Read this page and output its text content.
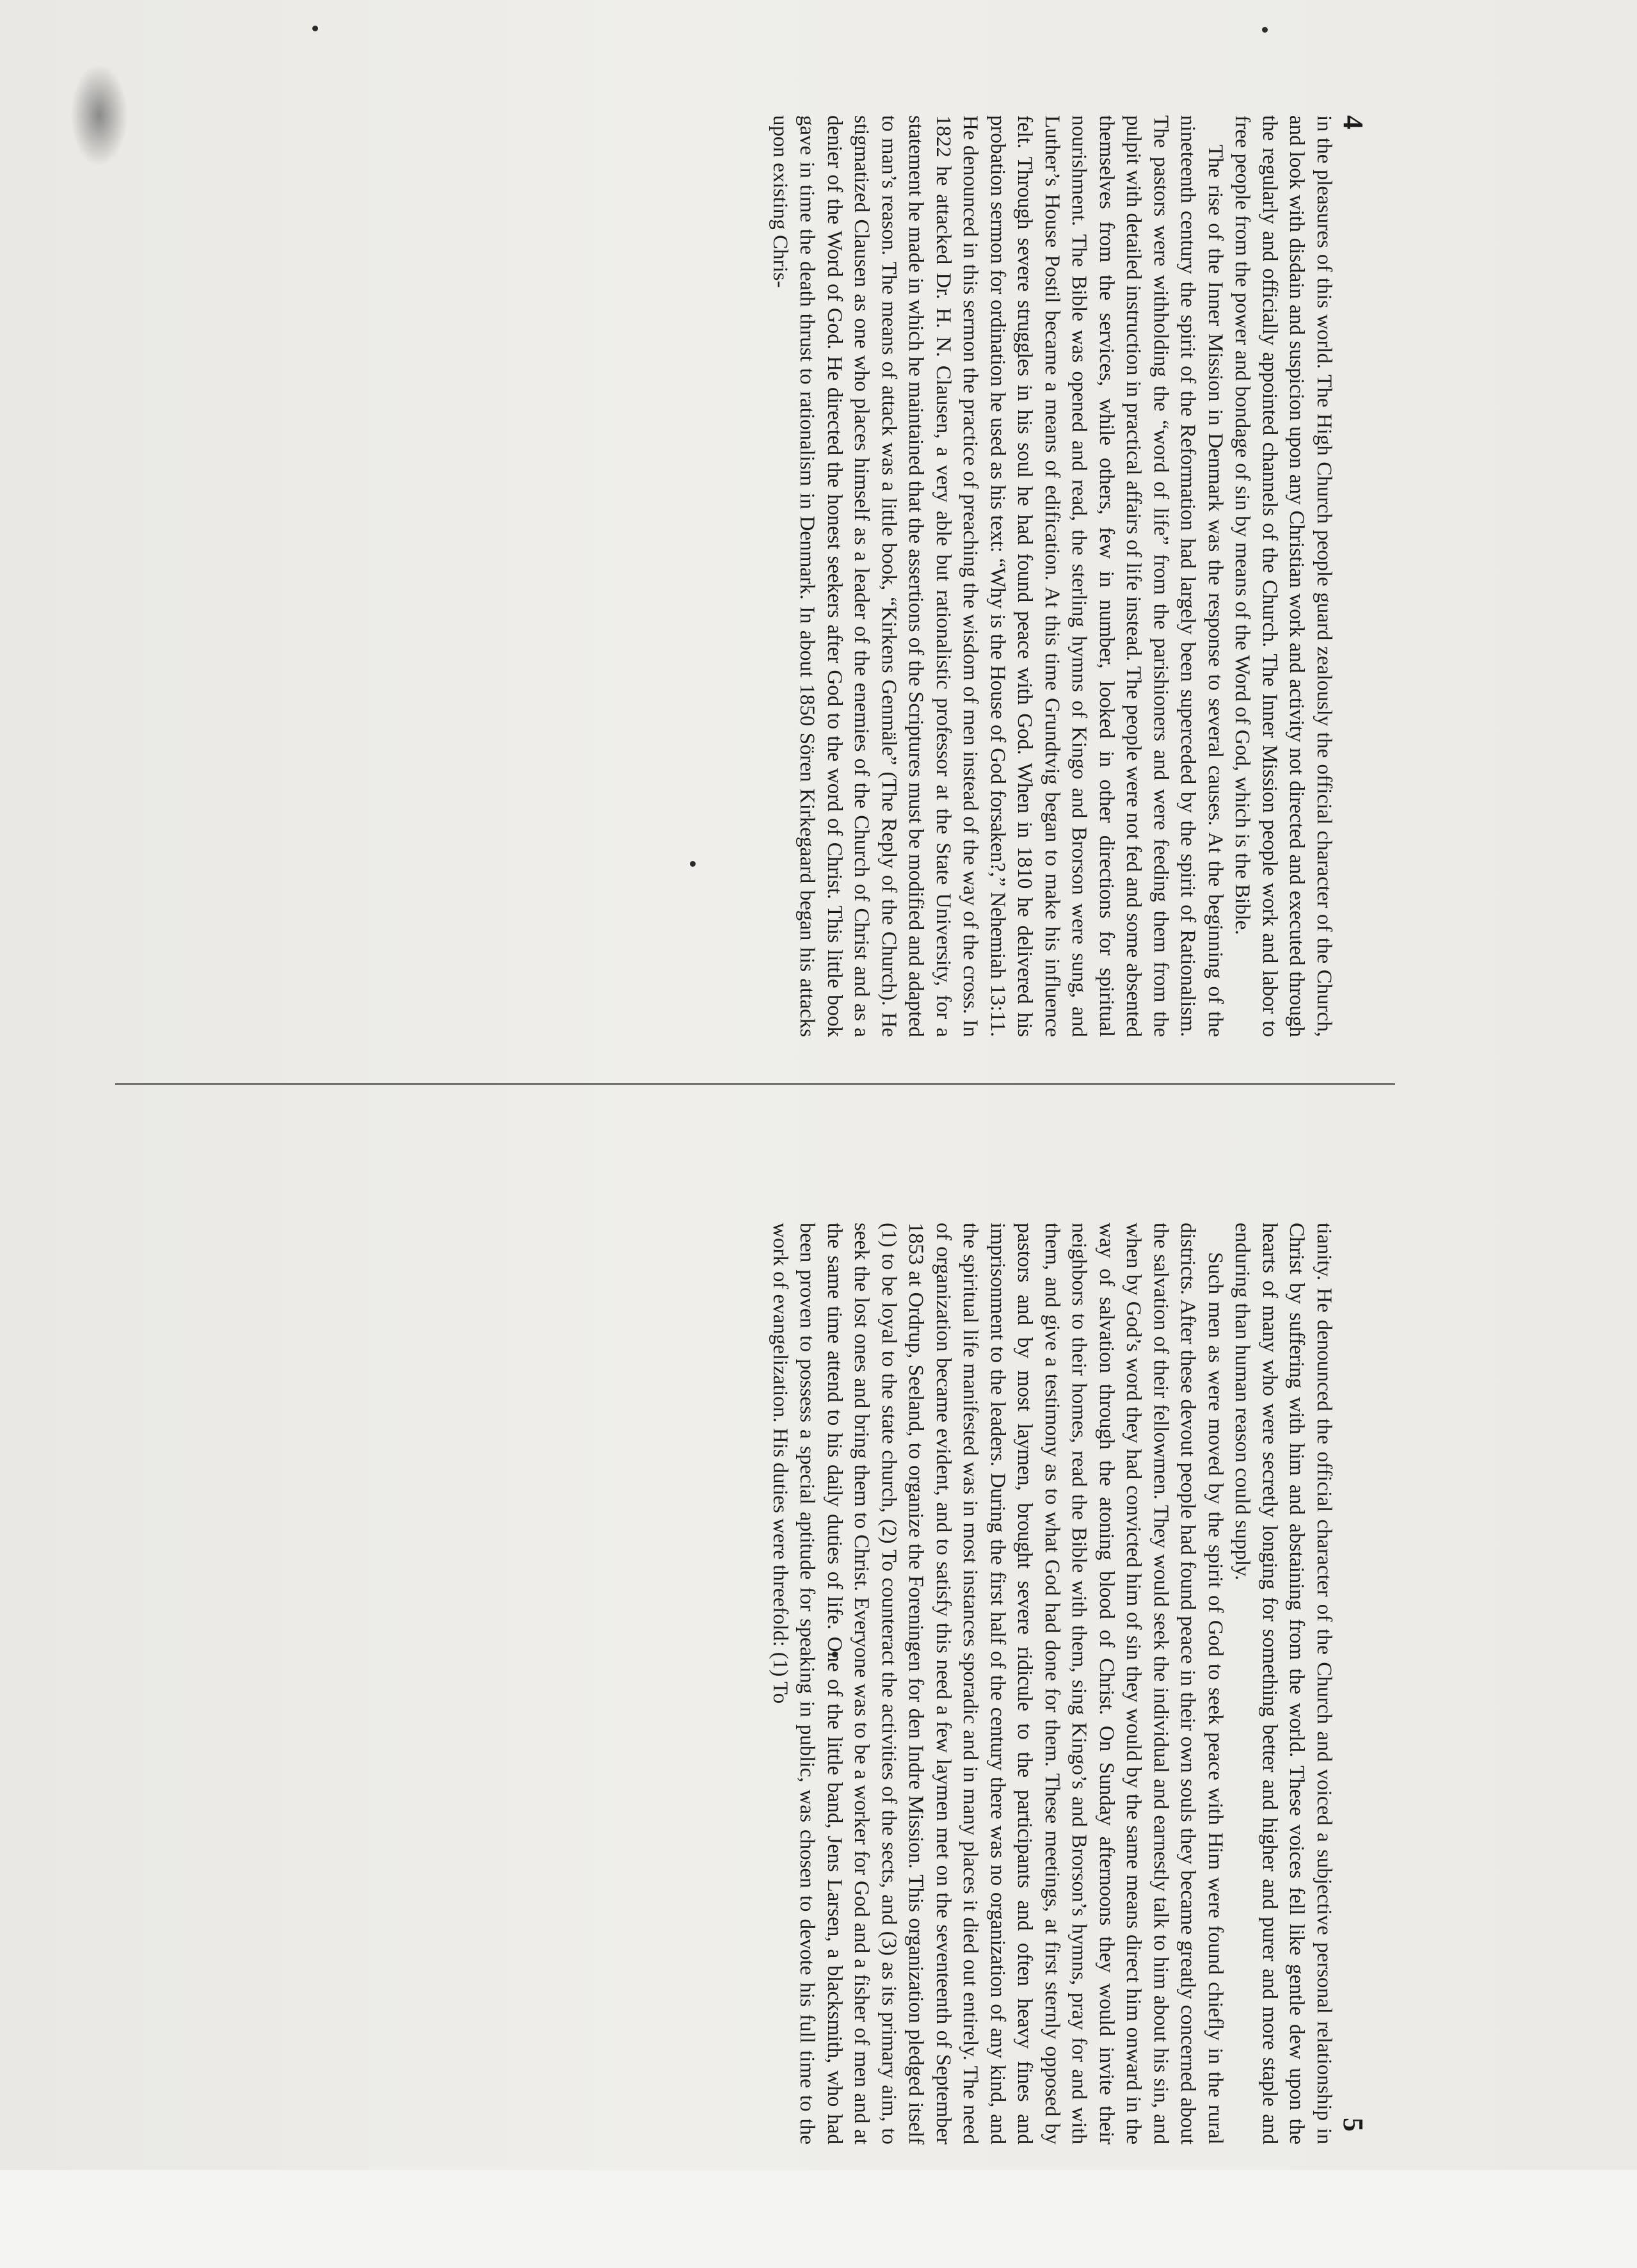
4

in the pleasures of this world. The High Church people guard zealously the official character of the Church, and look with disdain and suspicion upon any Christian work and activity not directed and executed through the regularly and officially appointed channels of the Church. The Inner Mission people work and labor to free people from the power and bondage of sin by means of the Word of God, which is the Bible.

The rise of the Inner Mission in Denmark was the response to several causes. At the beginning of the nineteenth century the spirit of the Reformation had largely been superceded by the spirit of Rationalism. The pastors were withholding the “word of life” from the parishioners and were feeding them from the pulpit with detailed instruction in practical affairs of life instead. The people were not fed and some absented themselves from the services, while others, few in number, looked in other directions for spiritual nourishment. The Bible was opened and read, the sterling hymns of Kingo and Brorson were sung, and Luther’s House Postil became a means of edification. At this time Grundtvig began to make his influence felt. Through severe struggles in his soul he had found peace with God. When in 1810 he delivered his probation sermon for ordination he used as his text: “Why is the House of God forsaken?,” Nehemiah 13:11. He denounced in this sermon the practice of preaching the wisdom of men instead of the way of the cross. In 1822 he attacked Dr. H. N. Clausen, a very able but rationalistic professor at the State University, for a statement he made in which he maintained that the assertions of the Scriptures must be modified and adapted to man’s reason. The means of attack was a little book, “Kirkens Genmäle” (The Reply of the Church). He stigmatized Clausen as one who places himself as a leader of the enemies of the Church of Christ and as a denier of the Word of God. He directed the honest seekers after God to the word of Christ. This little book gave in time the death thrust to rationalism in Denmark. In about 1850 Sören Kirkegaard began his attacks upon existing Chris-

5

tianity. He denounced the official character of the Church and voiced a subjective personal relationship in Christ by suffering with him and abstaining from the world. These voices fell like gentle dew upon the hearts of many who were secretly longing for something better and higher and purer and more staple and enduring than human reason could supply.

Such men as were moved by the spirit of God to seek peace with Him were found chiefly in the rural districts. After these devout people had found peace in their own souls they became greatly concerned about the salvation of their fellowmen. They would seek the individual and earnestly talk to him about his sin, and when by God’s word they had convicted him of sin they would by the same means direct him onward in the way of salvation through the atoning blood of Christ. On Sunday afternoons they would invite their neighbors to their homes, read the Bible with them, sing Kingo’s and Brorson’s hymns, pray for and with them, and give a testimony as to what God had done for them. These meetings, at first sternly opposed by pastors and by most laymen, brought severe ridicule to the participants and often heavy fines and imprisonment to the leaders. During the first half of the century there was no organization of any kind, and the spiritual life manifested was in most instances sporadic and in many places it died out entirely. The need of organization became evident, and to satisfy this need a few laymen met on the seventeenth of September 1853 at Ordrup, Seeland, to organize the Foreningen for den Indre Mission. This organization pledged itself (1) to be loyal to the state church, (2) To counteract the activities of the sects, and (3) as its primary aim, to seek the lost ones and bring them to Christ. Everyone was to be a worker for God and a fisher of men and at the same time attend to his daily duties of life. One of the little band, Jens Larsen, a blacksmith, who had been proven to possess a special aptitude for speaking in public, was chosen to devote his full time to the work of evangelization. His duties were threefold: (1) To
